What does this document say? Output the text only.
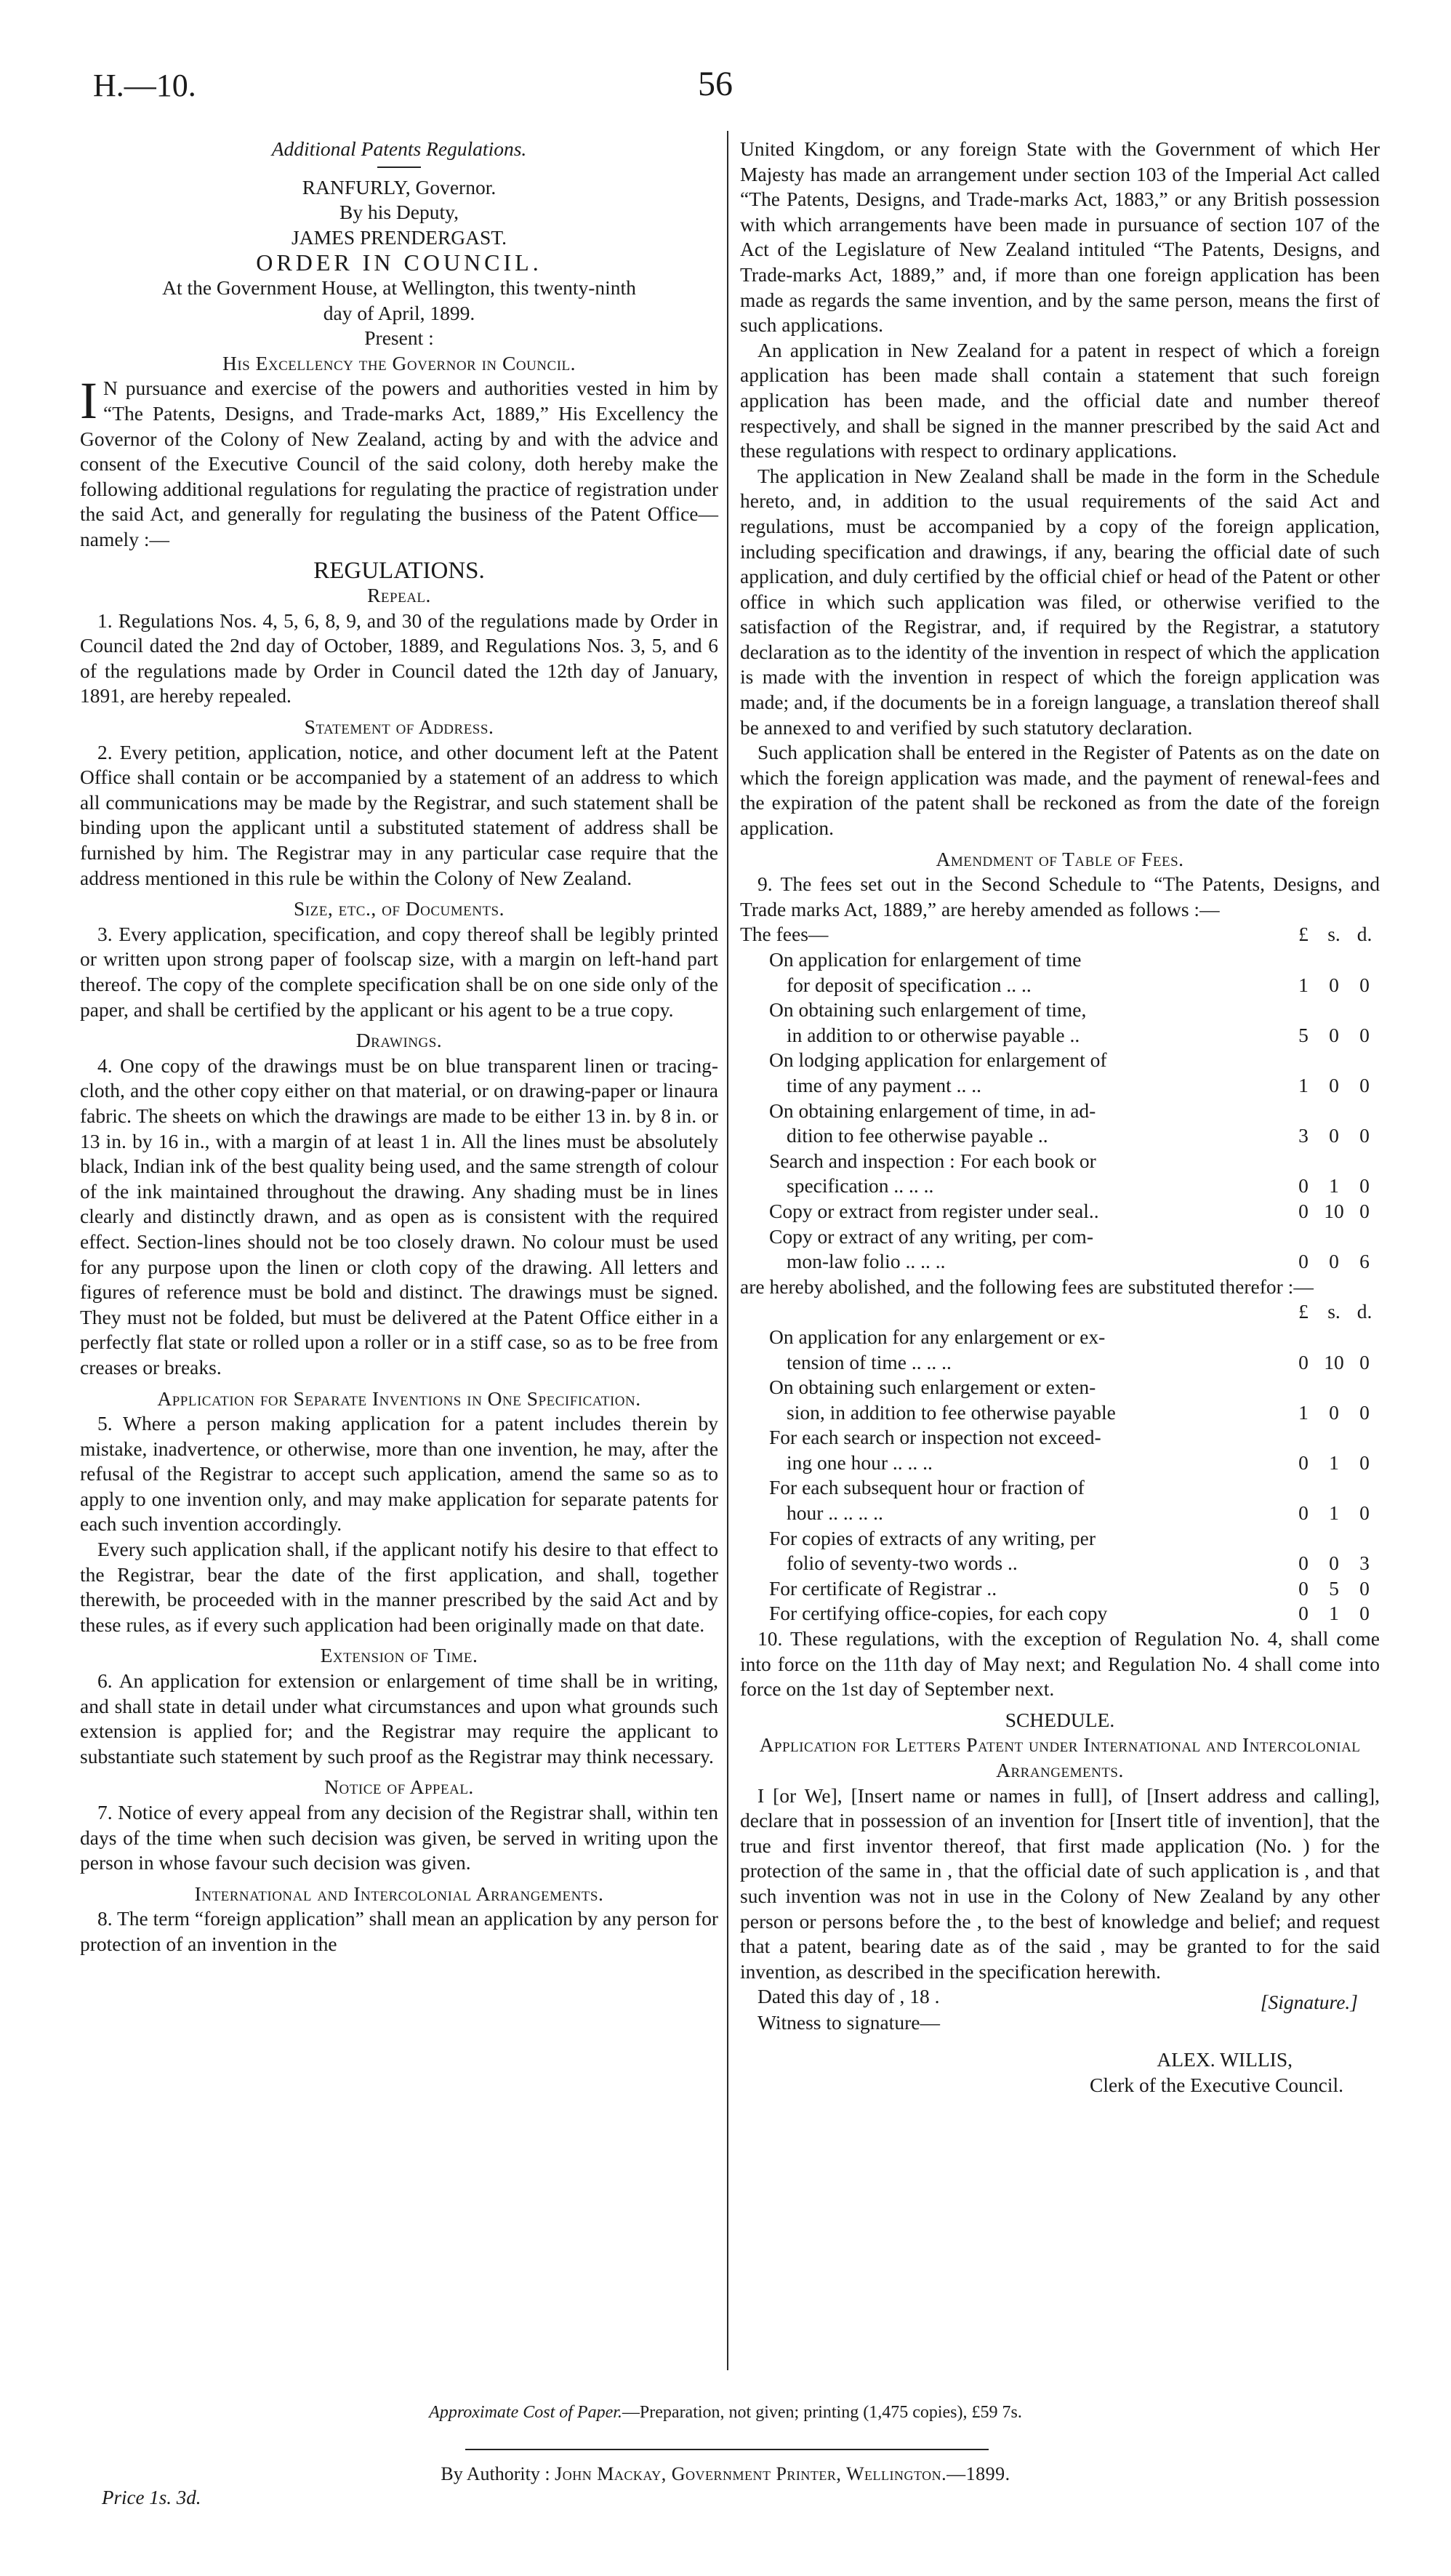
H.—10.	56

Additional Patents Regulations.

RANFURLY, Governor.

By his Deputy,

JAMES PRENDERGAST.

ORDER IN COUNCIL.

At the Government House, at Wellington, this twenty-ninth

day of April, 1899.

Present :

His Excellency the Governor in Council.

I N pursuance and exercise of the powers and authorities vested in him by “The Patents, Designs, and Trade-marks Act, 1889,” His Excellency the Governor of the Colony of New Zealand, acting by and with the advice and consent of the Executive Council of the said colony, doth hereby make the following additional regulations for regulating the practice of registration under the said Act, and generally for regulating the business of the Patent Office—namely :—

REGULATIONS.

Repeal.

1. Regulations Nos. 4, 5, 6, 8, 9, and 30 of the regulations made by Order in Council dated the 2nd day of October, 1889, and Regulations Nos. 3, 5, and 6 of the regulations made by Order in Council dated the 12th day of January, 1891, are hereby repealed.

Statement of Address.

2. Every petition, application, notice, and other document left at the Patent Office shall contain or be accompanied by a statement of an address to which all communications may be made by the Registrar, and such statement shall be binding upon the applicant until a substituted statement of address shall be furnished by him. The Registrar may in any particular case require that the address mentioned in this rule be within the Colony of New Zealand.

Size, etc., of Documents.

3. Every application, specification, and copy thereof shall be legibly printed or written upon strong paper of foolscap size, with a margin on left-hand part thereof. The copy of the complete specification shall be on one side only of the paper, and shall be certified by the applicant or his agent to be a true copy.

Drawings.

4. One copy of the drawings must be on blue transparent linen or tracing-cloth, and the other copy either on that material, or on drawing-paper or linaura fabric. The sheets on which the drawings are made to be either 13 in. by 8 in. or 13 in. by 16 in., with a margin of at least 1 in. All the lines must be absolutely black, Indian ink of the best quality being used, and the same strength of colour of the ink maintained throughout the drawing. Any shading must be in lines clearly and distinctly drawn, and as open as is consistent with the required effect. Section-lines should not be too closely drawn. No colour must be used for any purpose upon the linen or cloth copy of the drawing. All letters and figures of reference must be bold and distinct. The drawings must be signed. They must not be folded, but must be delivered at the Patent Office either in a perfectly flat state or rolled upon a roller or in a stiff case, so as to be free from creases or breaks.

Application for Separate Inventions in One Specification.

5. Where a person making application for a patent includes therein by mistake, inadvertence, or otherwise, more than one invention, he may, after the refusal of the Registrar to accept such application, amend the same so as to apply to one invention only, and may make application for separate patents for each such invention accordingly.

Every such application shall, if the applicant notify his desire to that effect to the Registrar, bear the date of the first application, and shall, together therewith, be proceeded with in the manner prescribed by the said Act and by these rules, as if every such application had been originally made on that date.

Extension of Time.

6. An application for extension or enlargement of time shall be in writing, and shall state in detail under what circumstances and upon what grounds such extension is applied for; and the Registrar may require the applicant to substantiate such statement by such proof as the Registrar may think necessary.

Notice of Appeal.

7. Notice of every appeal from any decision of the Registrar shall, within ten days of the time when such decision was given, be served in writing upon the person in whose favour such decision was given.

International and Intercolonial Arrangements.

8. The term “foreign application” shall mean an application by any person for protection of an invention in the

United Kingdom, or any foreign State with the Government of which Her Majesty has made an arrangement under section 103 of the Imperial Act called “The Patents, Designs, and Trade-marks Act, 1883,” or any British possession with which arrangements have been made in pursuance of section 107 of the Act of the Legislature of New Zealand intituled “The Patents, Designs, and Trade-marks Act, 1889,” and, if more than one foreign application has been made as regards the same invention, and by the same person, means the first of such applications.

An application in New Zealand for a patent in respect of which a foreign application has been made shall contain a statement that such foreign application has been made, and the official date and number thereof respectively, and shall be signed in the manner prescribed by the said Act and these regulations with respect to ordinary applications.

The application in New Zealand shall be made in the form in the Schedule hereto, and, in addition to the usual requirements of the said Act and regulations, must be accompanied by a copy of the foreign application, including specification and drawings, if any, bearing the official date of such application, and duly certified by the official chief or head of the Patent or other office in which such application was filed, or otherwise verified to the satisfaction of the Registrar, and, if required by the Registrar, a statutory declaration as to the identity of the invention in respect of which the application is made with the invention in respect of which the foreign application was made; and, if the documents be in a foreign language, a translation thereof shall be annexed to and verified by such statutory declaration.

Such application shall be entered in the Register of Patents as on the date on which the foreign application was made, and the payment of renewal-fees and the expiration of the patent shall be reckoned as from the date of the foreign application.

Amendment of Table of Fees.

9. The fees set out in the Second Schedule to “The Patents, Designs, and Trade marks Act, 1889,” are hereby amended as follows :—

The fees—	£	s.	d.
On application for enlargement of time			
for deposit of specification .. ..	1	0	0
On obtaining such enlargement of time,			
in addition to or otherwise payable ..	5	0	0
On lodging application for enlargement of			
time of any payment .. ..	1	0	0
On obtaining enlargement of time, in ad-			
dition to fee otherwise payable ..	3	0	0
Search and inspection : For each book or			
specification .. .. ..	0	1	0
Copy or extract from register under seal..	0	10	0
Copy or extract of any writing, per com-			
mon-law folio .. .. ..	0	0	6

are hereby abolished, and the following fees are substituted therefor :—

	£	s.	d.
On application for any enlargement or ex-			
tension of time .. .. ..	0	10	0
On obtaining such enlargement or exten-			
sion, in addition to fee otherwise payable	1	0	0
For each search or inspection not exceed-			
ing one hour .. .. ..	0	1	0
For each subsequent hour or fraction of			
hour .. .. .. ..	0	1	0
For copies of extracts of any writing, per			
folio of seventy-two words ..	0	0	3
For certificate of Registrar ..	0	5	0
For certifying office-copies, for each copy	0	1	0

10. These regulations, with the exception of Regulation No. 4, shall come into force on the 11th day of May next; and Regulation No. 4 shall come into force on the 1st day of September next.

SCHEDULE.

Application for Letters Patent under International and Intercolonial Arrangements.

I [or We], [Insert name or names in full], of [Insert address and calling], declare that in possession of an invention for [Insert title of invention], that the true and first inventor thereof, that first made application (No. ) for the protection of the same in , that the official date of such application is , and that such invention was not in use in the Colony of New Zealand by any other person or persons before the , to the best of knowledge and belief; and request that a patent, bearing date as of the said , may be granted to for the said invention, as described in the specification herewith.

Dated this day of , 18 .	[Signature.]

Witness to signature—

ALEX. WILLIS,

Clerk of the Executive Council.

Approximate Cost of Paper.—Preparation, not given; printing (1,475 copies), £59 7s.
By Authority : John Mackay, Government Printer, Wellington.—1899.
Price 1s. 3d.
